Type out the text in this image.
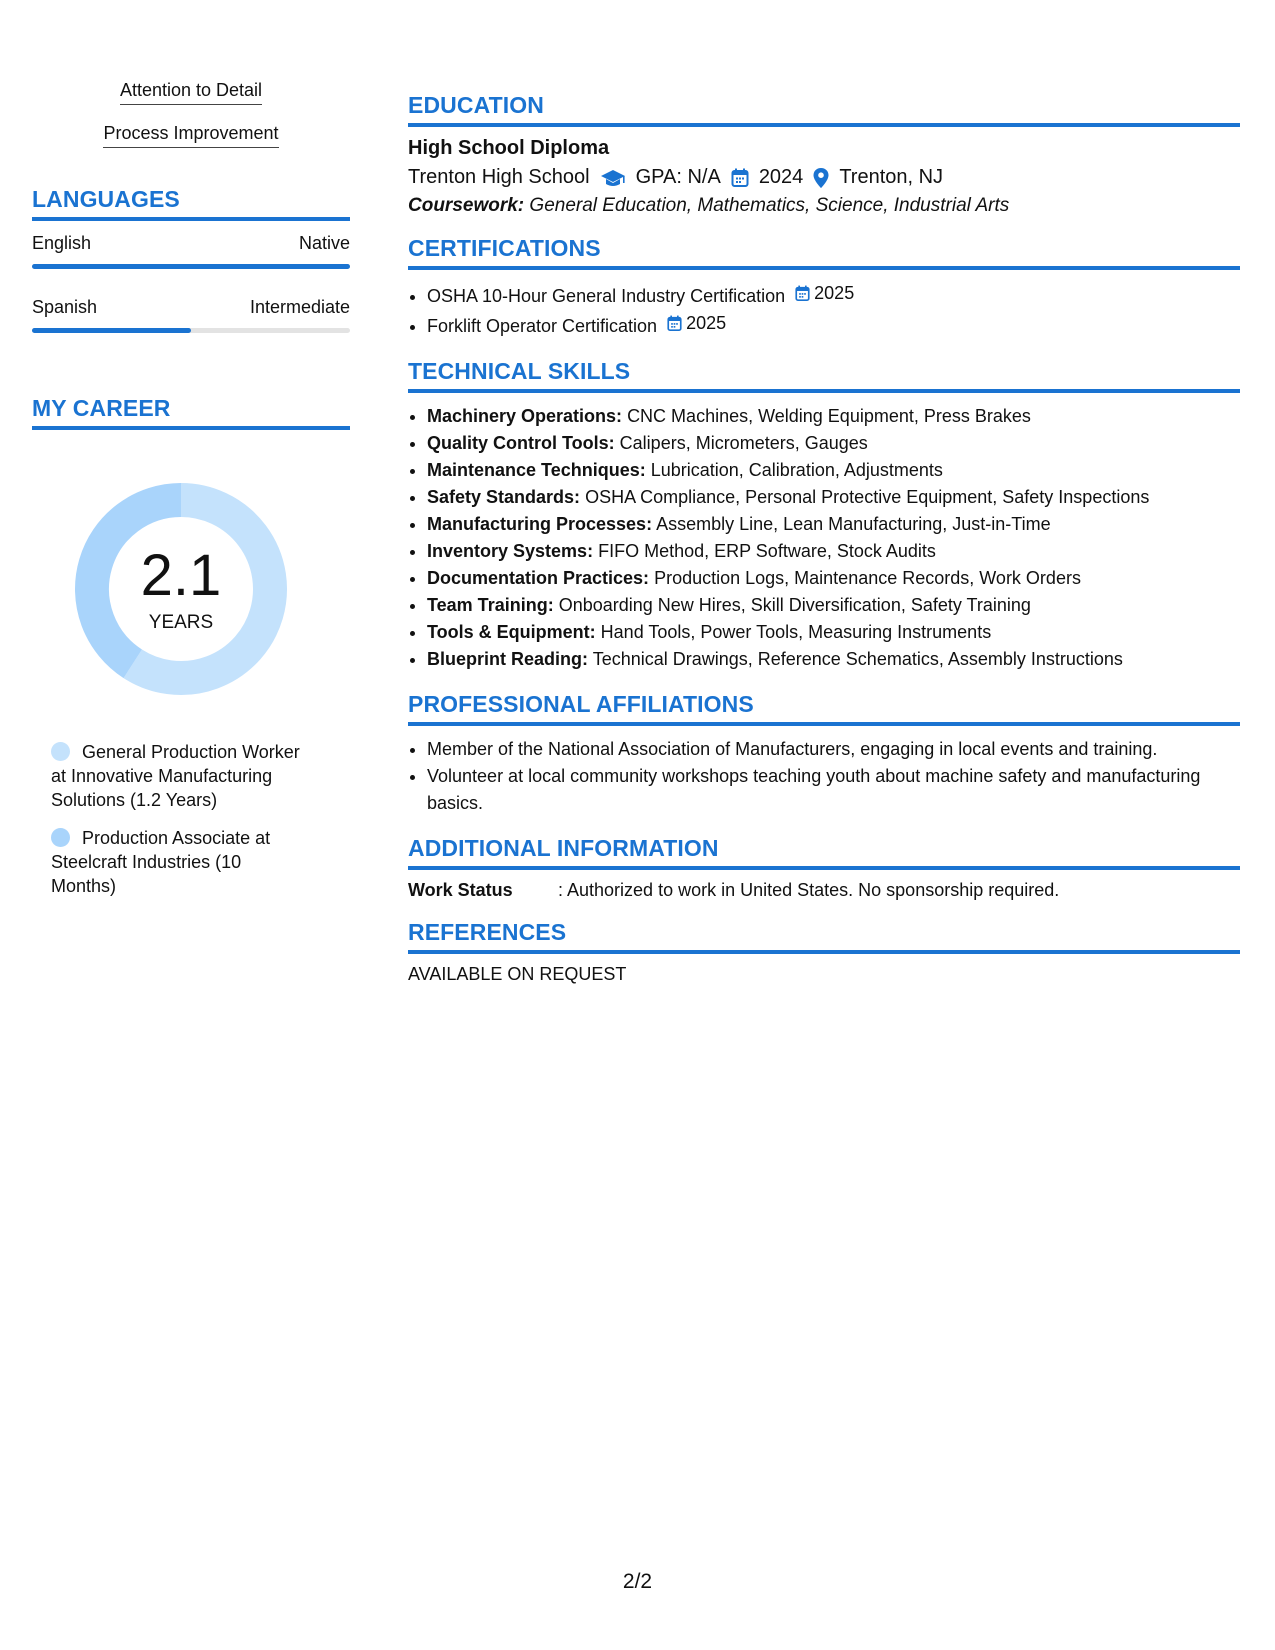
Attention to Detail
Process Improvement
LANGUAGES
English	Native
Spanish	Intermediate
MY CAREER
2.1
YEARS
General Production Worker at Innovative Manufacturing Solutions (1.2 Years)
Production Associate at Steelcraft Industries (10 Months)
EDUCATION
High School Diploma
Trenton High School GPA: N/A 2024 Trenton, NJ
Coursework: General Education, Mathematics, Science, Industrial Arts
CERTIFICATIONS
• OSHA 10-Hour General Industry Certification 2025
• Forklift Operator Certification 2025
TECHNICAL SKILLS
• Machinery Operations: CNC Machines, Welding Equipment, Press Brakes
• Quality Control Tools: Calipers, Micrometers, Gauges
• Maintenance Techniques: Lubrication, Calibration, Adjustments
• Safety Standards: OSHA Compliance, Personal Protective Equipment, Safety Inspections
• Manufacturing Processes: Assembly Line, Lean Manufacturing, Just-in-Time
• Inventory Systems: FIFO Method, ERP Software, Stock Audits
• Documentation Practices: Production Logs, Maintenance Records, Work Orders
• Team Training: Onboarding New Hires, Skill Diversification, Safety Training
• Tools & Equipment: Hand Tools, Power Tools, Measuring Instruments
• Blueprint Reading: Technical Drawings, Reference Schematics, Assembly Instructions
PROFESSIONAL AFFILIATIONS
• Member of the National Association of Manufacturers, engaging in local events and training.
• Volunteer at local community workshops teaching youth about machine safety and manufacturing basics.
ADDITIONAL INFORMATION
Work Status	: Authorized to work in United States. No sponsorship required.
REFERENCES
AVAILABLE ON REQUEST
2/2
